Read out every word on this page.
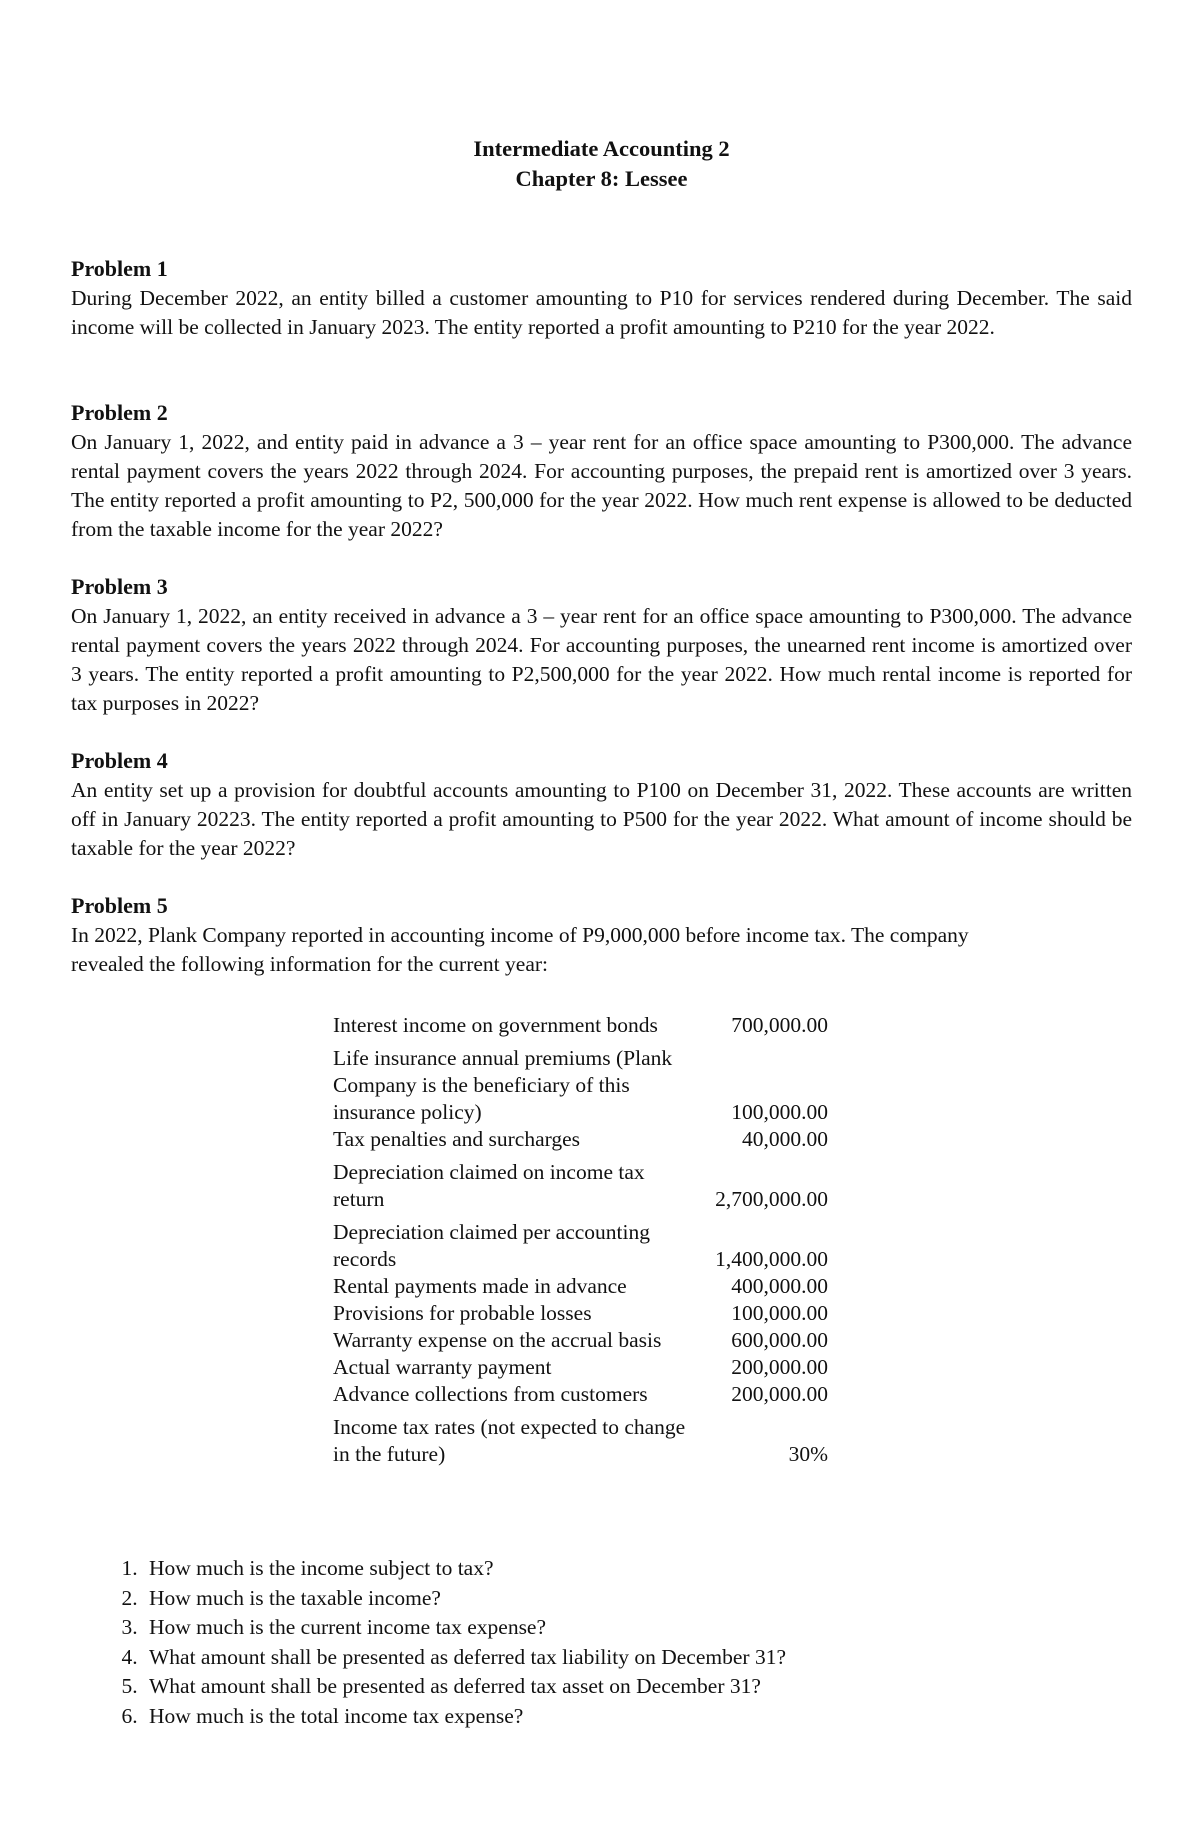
Intermediate Accounting 2
Chapter 8: Lessee
Problem 1
During December 2022, an entity billed a customer amounting to P10 for services rendered during December. The said income will be collected in January 2023. The entity reported a profit amounting to P210 for the year 2022.
Problem 2
On January 1, 2022, and entity paid in advance a 3 – year rent for an office space amounting to P300,000. The advance rental payment covers the years 2022 through 2024. For accounting purposes, the prepaid rent is amortized over 3 years. The entity reported a profit amounting to P2, 500,000 for the year 2022. How much rent expense is allowed to be deducted from the taxable income for the year 2022?
Problem 3
On January 1, 2022, an entity received in advance a 3 – year rent for an office space amounting to P300,000. The advance rental payment covers the years 2022 through 2024. For accounting purposes, the unearned rent income is amortized over 3 years. The entity reported a profit amounting to P2,500,000 for the year 2022. How much rental income is reported for tax purposes in 2022?
Problem 4
An entity set up a provision for doubtful accounts amounting to P100 on December 31, 2022. These accounts are written off in January 20223. The entity reported a profit amounting to P500 for the year 2022. What amount of income should be taxable for the year 2022?
Problem 5
In 2022, Plank Company reported in accounting income of P9,000,000 before income tax. The company revealed the following information for the current year:
Interest income on government bonds	700,000.00
Life insurance annual premiums (Plank Company is the beneficiary of this insurance policy)	100,000.00
Tax penalties and surcharges	40,000.00
Depreciation claimed on income tax return	2,700,000.00
Depreciation claimed per accounting records	1,400,000.00
Rental payments made in advance	400,000.00
Provisions for probable losses	100,000.00
Warranty expense on the accrual basis	600,000.00
Actual warranty payment	200,000.00
Advance collections from customers	200,000.00
Income tax rates (not expected to change in the future)	30%
1. How much is the income subject to tax?
2. How much is the taxable income?
3. How much is the current income tax expense?
4. What amount shall be presented as deferred tax liability on December 31?
5. What amount shall be presented as deferred tax asset on December 31?
6. How much is the total income tax expense?
